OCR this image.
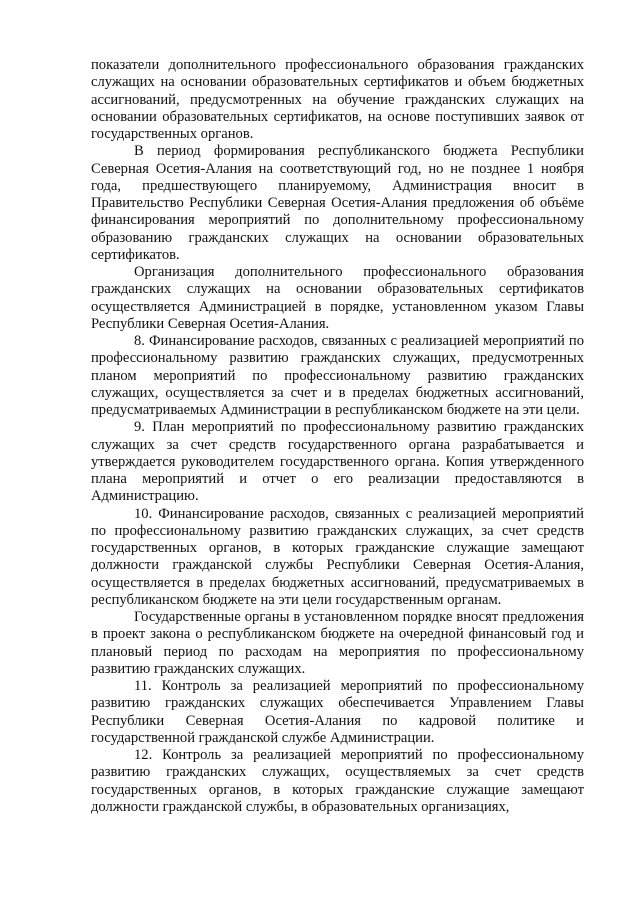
показатели дополнительного профессионального образования гражданских служащих на основании образовательных сертификатов и объем бюджетных ассигнований, предусмотренных на обучение гражданских служащих на основании образовательных сертификатов, на основе поступивших заявок от государственных органов.

В период формирования республиканского бюджета Республики Северная Осетия-Алания на соответствующий год, но не позднее 1 ноября года, предшествующего планируемому, Администрация вносит в Правительство Республики Северная Осетия-Алания предложения об объёме финансирования мероприятий по дополнительному профессиональному образованию гражданских служащих на основании образовательных сертификатов.

Организация дополнительного профессионального образования гражданских служащих на основании образовательных сертификатов осуществляется Администрацией в порядке, установленном указом Главы Республики Северная Осетия-Алания.

8. Финансирование расходов, связанных с реализацией мероприятий по профессиональному развитию гражданских служащих, предусмотренных планом мероприятий по профессиональному развитию гражданских служащих, осуществляется за счет и в пределах бюджетных ассигнований, предусматриваемых Администрации в республиканском бюджете на эти цели.

9. План мероприятий по профессиональному развитию гражданских служащих за счет средств государственного органа разрабатывается и утверждается руководителем государственного органа. Копия утвержденного плана мероприятий и отчет о его реализации предоставляются в Администрацию.

10. Финансирование расходов, связанных с реализацией мероприятий по профессиональному развитию гражданских служащих, за счет средств государственных органов, в которых гражданские служащие замещают должности гражданской службы Республики Северная Осетия-Алания, осуществляется в пределах бюджетных ассигнований, предусматриваемых в республиканском бюджете на эти цели государственным органам.

Государственные органы в установленном порядке вносят предложения в проект закона о республиканском бюджете на очередной финансовый год и плановый период по расходам на мероприятия по профессиональному развитию гражданских служащих.

11. Контроль за реализацией мероприятий по профессиональному развитию гражданских служащих обеспечивается Управлением Главы Республики Северная Осетия-Алания по кадровой политике и государственной гражданской службе Администрации.

12. Контроль за реализацией мероприятий по профессиональному развитию гражданских служащих, осуществляемых за счет средств государственных органов, в которых гражданские служащие замещают должности гражданской службы, в образовательных организациях,
